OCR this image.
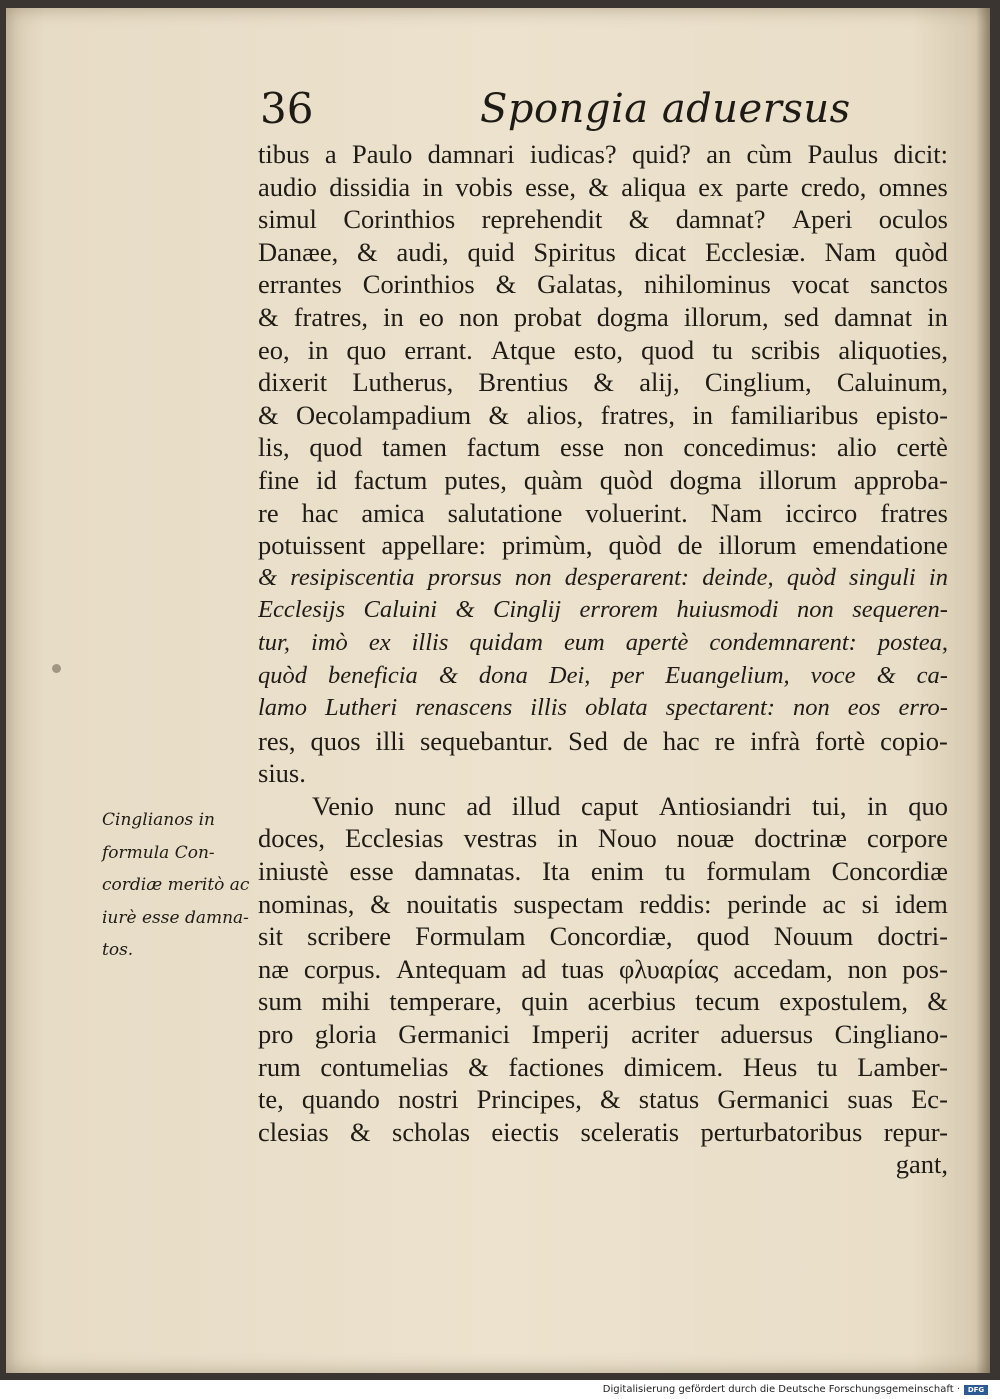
36	Spongia aduersus
tibus a Paulo damnari iudicas? quid? an cùm Paulus dicit:
audio dissidia in vobis esse, & aliqua ex parte credo, omnes
simul Corinthios reprehendit & damnat? Aperi oculos
Danæe, & audi, quid Spiritus dicat Ecclesiæ. Nam quòd
errantes Corinthios & Galatas, nihilominus vocat sanctos
& fratres, in eo non probat dogma illorum, sed damnat in
eo, in quo errant. Atque esto, quod tu scribis aliquoties,
dixerit Lutherus, Brentius & alij, Cinglium, Caluinum,
& Oecolampadium & alios, fratres, in familiaribus episto-
lis, quod tamen factum esse non concedimus: alio certè
fine id factum putes, quàm quòd dogma illorum approba-
re hac amica salutatione voluerint. Nam iccirco fratres
potuissent appellare: primùm, quòd de illorum emendatione
& resipiscentia prorsus non desperarent: deinde, quòd singuli in
Ecclesijs Caluini & Cinglij errorem huiusmodi non sequeren-
tur, imò ex illis quidam eum apertè condemnarent: postea,
quòd beneficia & dona Dei, per Euangelium, voce & ca-
lamo Lutheri renascens illis oblata spectarent: non eos erro-
res, quos illi sequebantur. Sed de hac re infrà fortè copio-
sius.
Venio nunc ad illud caput Antiosiandri tui, in quo
doces, Ecclesias vestras in Nouo nouæ doctrinæ corpore
iniustè esse damnatas. Ita enim tu formulam Concordiæ
nominas, & nouitatis suspectam reddis: perinde ac si idem
sit scribere Formulam Concordiæ, quod Nouum doctri-
næ corpus. Antequam ad tuas φλυαρίας accedam, non pos-
sum mihi temperare, quin acerbius tecum expostulem, &
pro gloria Germanici Imperij acriter aduersus Cingliano-
rum contumelias & factiones dimicem. Heus tu Lamber-
te, quando nostri Principes, & status Germanici suas Ec-
clesias & scholas eiectis sceleratis perturbatoribus repur-
gant,
Cinglianos in
formula Con-
cordiæ meritò ac
iurè esse damna-
tos.
Digitalisierung gefördert durch die Deutsche Forschungsgemeinschaft ·	DFG
